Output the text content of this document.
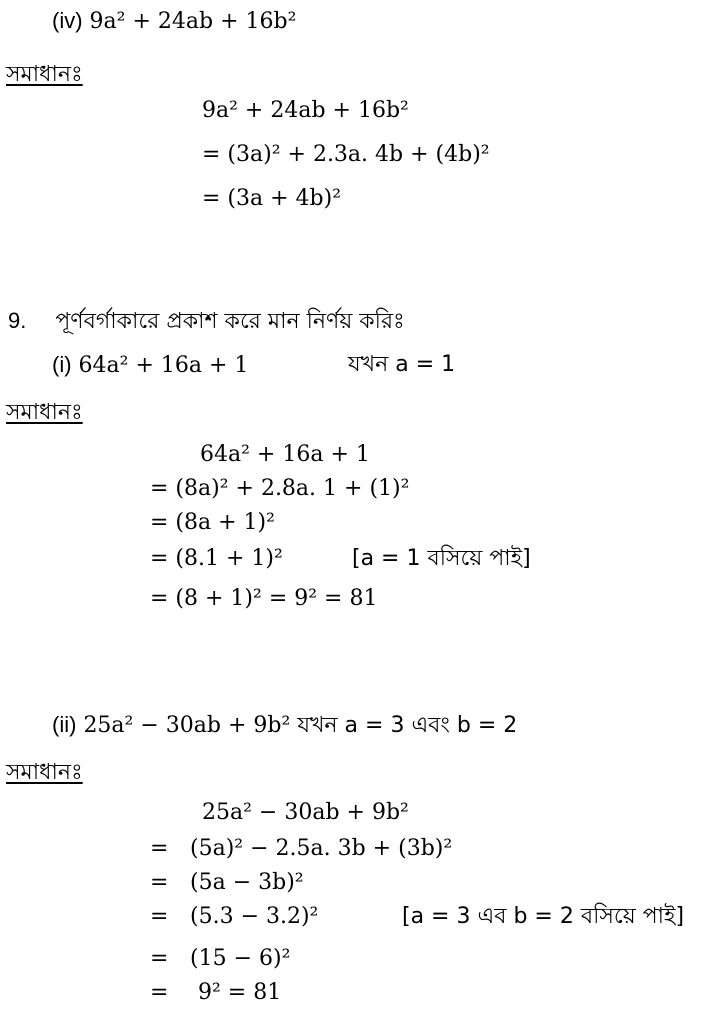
(iv) 9a² + 24ab + 16b²
সমাধানঃ
9a² + 24ab + 16b²
= (3a)² + 2.3a. 4b + (4b)²
= (3a + 4b)²
9. পূর্ণবর্গাকারে প্রকাশ করে মান নির্ণয় করিঃ
(i) 64a² + 16a + 1	যখন a = 1
সমাধানঃ
64a² + 16a + 1
= (8a)² + 2.8a. 1 + (1)²
= (8a + 1)²
= (8.1 + 1)²	[a = 1 বসিয়ে পাই]
= (8 + 1)² = 9² = 81
(ii) 25a² − 30ab + 9b² যখন a = 3 এবং b = 2
সমাধানঃ
25a² − 30ab + 9b²
= (5a)² − 2.5a. 3b + (3b)²
= (5a − 3b)²
= (5.3 − 3.2)²	[a = 3 এব b = 2 বসিয়ে পাই]
= (15 − 6)²
= 9² = 81
